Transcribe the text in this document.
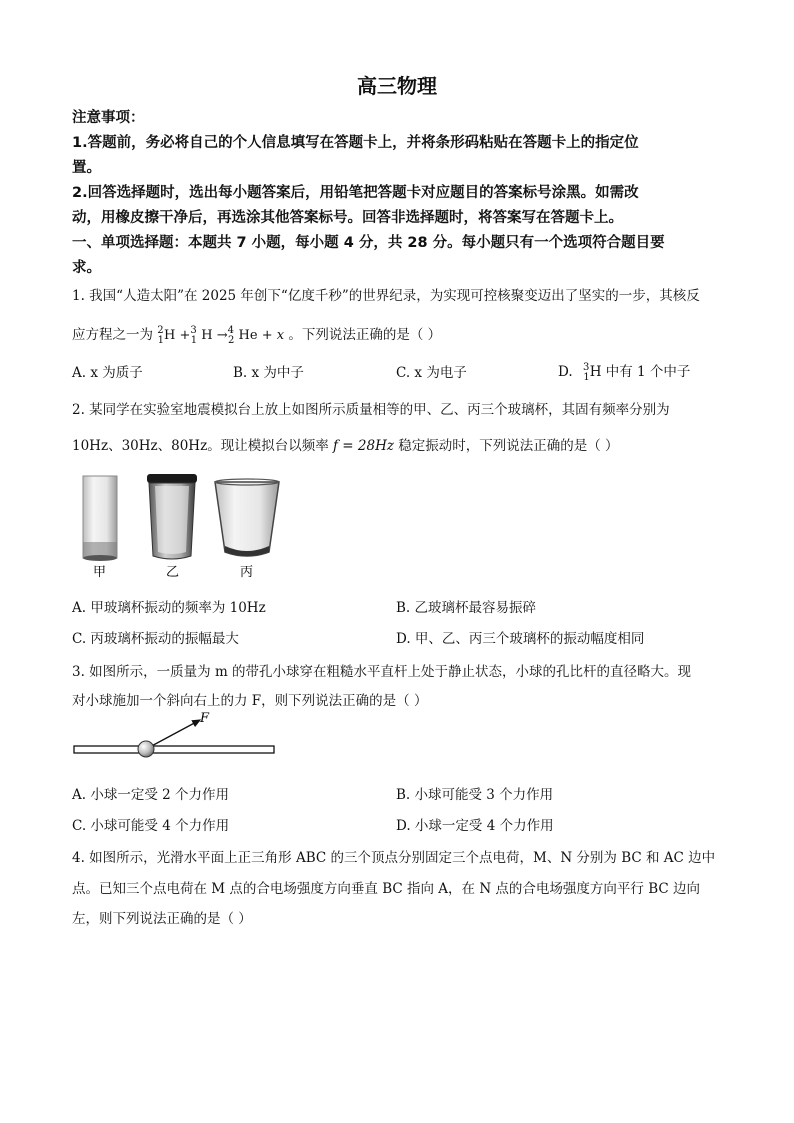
高三物理
注意事项：
1.答题前，务必将自己的个人信息填写在答题卡上，并将条形码粘贴在答题卡上的指定位
置。
2.回答选择题时，选出每小题答案后，用铅笔把答题卡对应题目的答案标号涂黑。如需改
动，用橡皮擦干净后，再选涂其他答案标号。回答非选择题时，将答案写在答题卡上。
一、单项选择题：本题共 7 小题，每小题 4 分，共 28 分。每小题只有一个选项符合题目要
求。
1. 我国“人造太阳”在 2025 年创下“亿度千秒”的世界纪录，为实现可控核聚变迈出了坚实的一步，其核反
应方程之一为 $^2_1$H +$^3_1$ H →$^4_2$ He + x 。下列说法正确的是（ ）
A. x 为质子	B. x 为中子	C. x 为电子	D. $^3_1$H 中有 1 个中子
2. 某同学在实验室地震模拟台上放上如图所示质量相等的甲、乙、丙三个玻璃杯，其固有频率分别为
10Hz、30Hz、80Hz。现让模拟台以频率 f = 28Hz 稳定振动时，下列说法正确的是（ ）
甲	乙	丙
A. 甲玻璃杯振动的频率为 10Hz	B. 乙玻璃杯最容易振碎
C. 丙玻璃杯振动的振幅最大	D. 甲、乙、丙三个玻璃杯的振动幅度相同
3. 如图所示，一质量为 m 的带孔小球穿在粗糙水平直杆上处于静止状态，小球的孔比杆的直径略大。现
对小球施加一个斜向右上的力 F，则下列说法正确的是（ ）
F
A. 小球一定受 2 个力作用	B. 小球可能受 3 个力作用
C. 小球可能受 4 个力作用	D. 小球一定受 4 个力作用
4. 如图所示，光滑水平面上正三角形 ABC 的三个顶点分别固定三个点电荷，M、N 分别为 BC 和 AC 边中
点。已知三个点电荷在 M 点的合电场强度方向垂直 BC 指向 A，在 N 点的合电场强度方向平行 BC 边向
左，则下列说法正确的是（ ）
